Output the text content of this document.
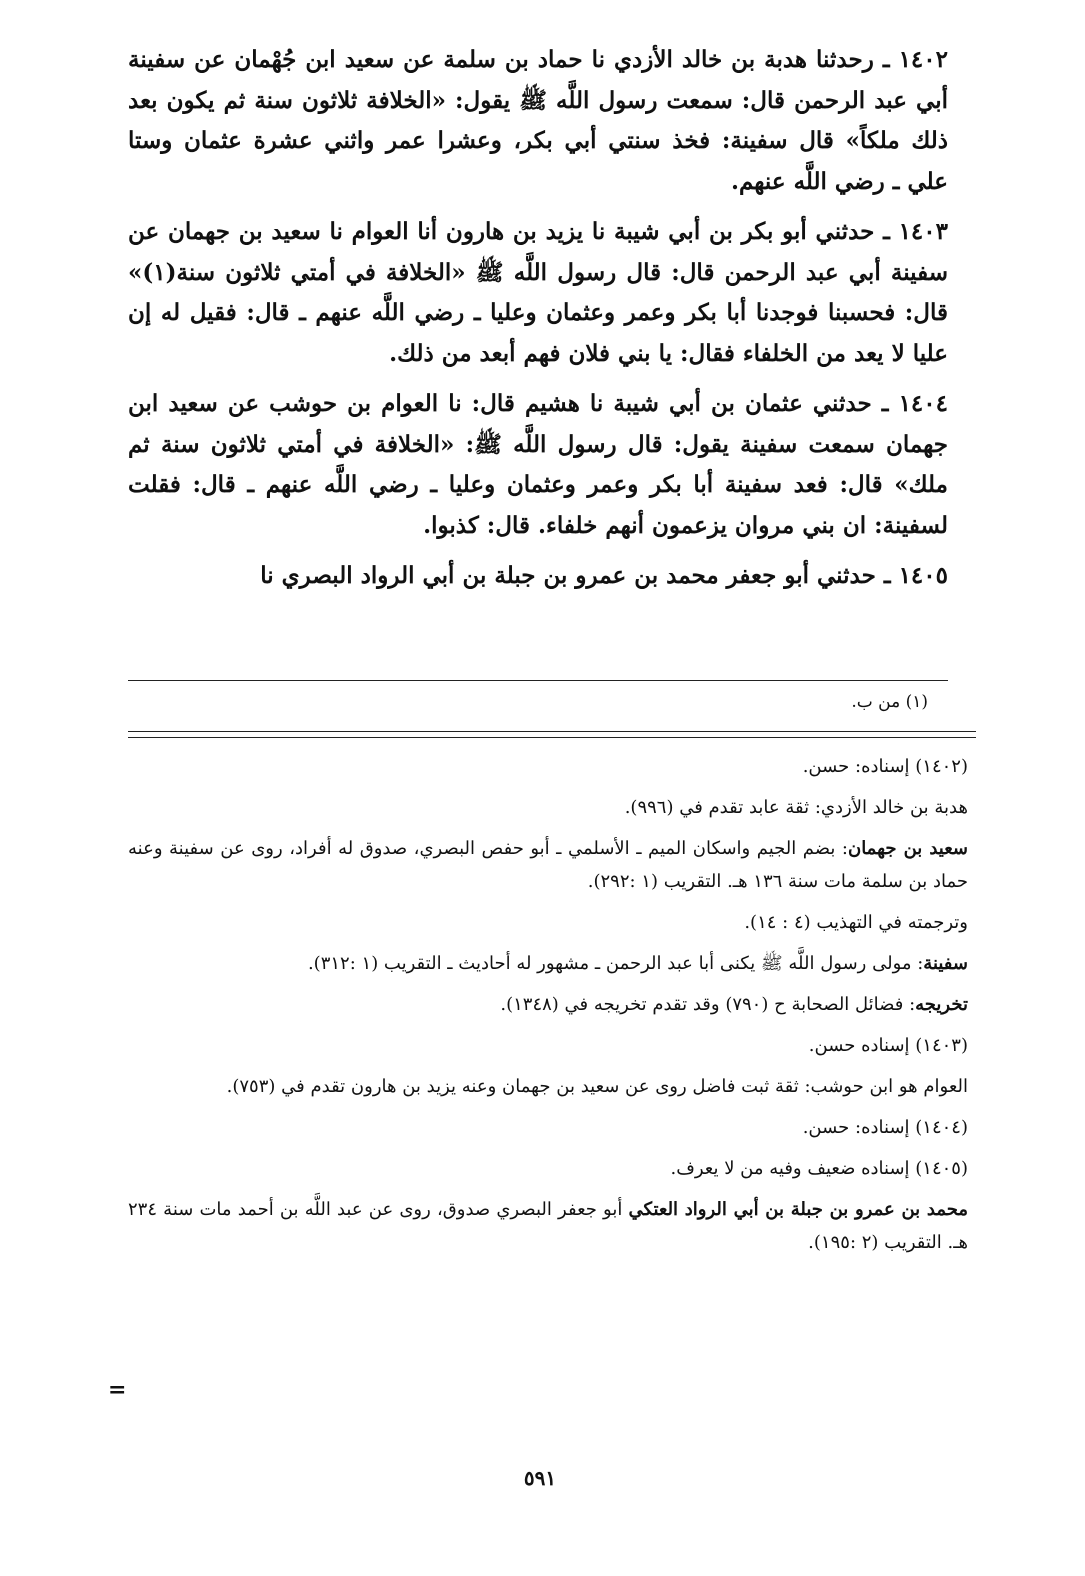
١٤٠٢ ـ ﺭحدثنا هدبة بن خالد الأزدي نا حماد بن سلمة عن سعيد ابن جُهْمان عن سفينة أبي عبد الرحمن قال: سمعت رسول اللَّه ﷺ يقول: «الخلافة ثلاثون سنة ثم يكون بعد ذلك ملكاً» قال سفينة: فخذ سنتي أبي بكر، وعشرا عمر واثني عشرة عثمان وستا علي ـ رضي اللَّه عنهم.

١٤٠٣ ـ حدثني أبو بكر بن أبي شيبة نا يزيد بن هارون أنا العوام نا سعيد بن جهمان عن سفينة أبي عبد الرحمن قال: قال رسول اللَّه ﷺ «الخلافة في أمتي ثلاثون سنة(١)» قال: فحسبنا فوجدنا أبا بكر وعمر وعثمان وعليا ـ رضي اللَّه عنهم ـ قال: فقيل له إن عليا لا يعد من الخلفاء فقال: يا بني فلان فهم أبعد من ذلك.

١٤٠٤ ـ حدثني عثمان بن أبي شيبة نا هشيم قال: نا العوام بن حوشب عن سعيد ابن جهمان سمعت سفينة يقول: قال رسول اللَّه ﷺ: «الخلافة في أمتي ثلاثون سنة ثم ملك» قال: فعد سفينة أبا بكر وعمر وعثمان وعليا ـ رضي اللَّه عنهم ـ قال: فقلت لسفينة: ان بني مروان يزعمون أنهم خلفاء. قال: كذبوا.

١٤٠٥ ـ حدثني أبو جعفر محمد بن عمرو بن جبلة بن أبي الرواد البصري نا

(١) من ب.

(١٤٠٢) إسناده: حسن.

هدبة بن خالد الأزدي: ثقة عابد تقدم في (٩٩٦).

سعيد بن جهمان: بضم الجيم واسكان الميم ـ الأسلمي ـ أبو حفص البصري، صدوق له أفراد، روى عن سفينة وعنه حماد بن سلمة مات سنة ١٣٦ هـ. التقريب (١ :٢٩٢).

وترجمته في التهذيب (٤ : ١٤).

سفينة: مولى رسول اللَّه ﷺ يكنى أبا عبد الرحمن ـ مشهور له أحاديث ـ التقريب (١ :٣١٢).

تخريجه: فضائل الصحابة ح (٧٩٠) وقد تقدم تخريجه في (١٣٤٨).

(١٤٠٣) إسناده حسن.

العوام هو ابن حوشب: ثقة ثبت فاضل روى عن سعيد بن جهمان وعنه يزيد بن هارون تقدم في (٧٥٣).

(١٤٠٤) إسناده: حسن.

(١٤٠٥) إسناده ضعيف وفيه من لا يعرف.

محمد بن عمرو بن جبلة بن أبي الرواد العتكي أبو جعفر البصري صدوق، روى عن عبد اللَّه بن أحمد مات سنة ٢٣٤ هـ. التقريب (٢ :١٩٥).

=
٥٩١
